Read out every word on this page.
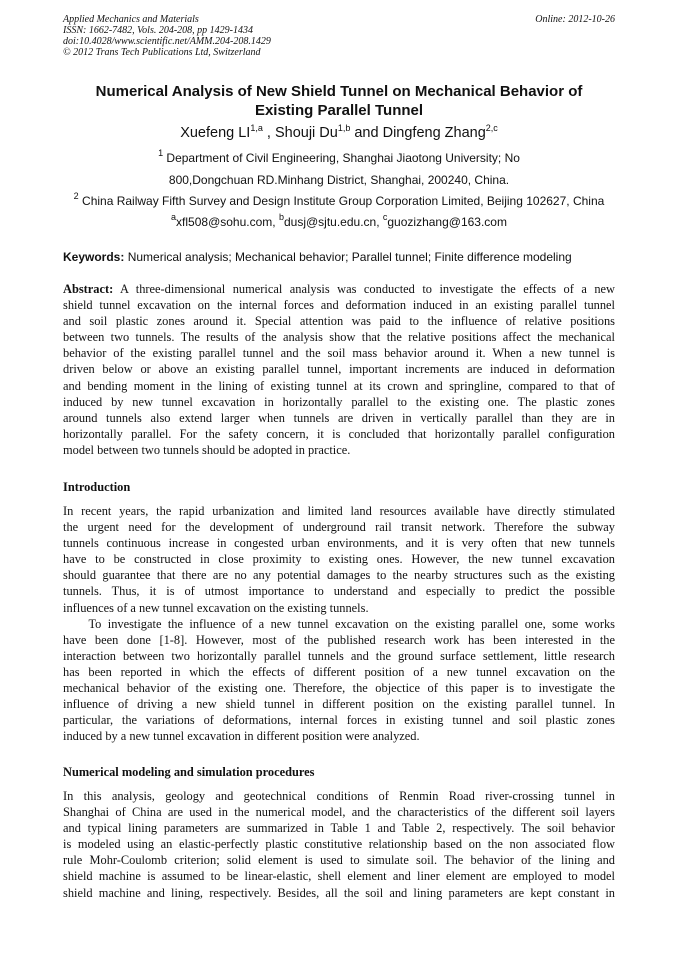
Applied Mechanics and Materials
ISSN: 1662-7482, Vols. 204-208, pp 1429-1434
doi:10.4028/www.scientific.net/AMM.204-208.1429
© 2012 Trans Tech Publications Ltd, Switzerland
Online: 2012-10-26
Numerical Analysis of New Shield Tunnel on Mechanical Behavior of
Existing Parallel Tunnel
Xuefeng LI$^{1,a}$ , Shouji Du$^{1,b}$ and Dingfeng Zhang$^{2,c}$
$^1$ Department of Civil Engineering, Shanghai Jiaotong University; No
800,Dongchuan RD.Minhang District, Shanghai, 200240, China.
$^2$ China Railway Fifth Survey and Design Institute Group Corporation Limited, Beijing 102627, China
$^a$xfl508@sohu.com, $^b$dusj@sjtu.edu.cn, $^c$guozizhang@163.com
Keywords: Numerical analysis; Mechanical behavior; Parallel tunnel; Finite difference modeling
Abstract: A three-dimensional numerical analysis was conducted to investigate the effects of a new
shield tunnel excavation on the internal forces and deformation induced in an existing parallel tunnel
and soil plastic zones around it. Special attention was paid to the influence of relative positions
between two tunnels. The results of the analysis show that the relative positions affect the mechanical
behavior of the existing parallel tunnel and the soil mass behavior around it. When a new tunnel is
driven below or above an existing parallel tunnel, important increments are induced in deformation
and bending moment in the lining of existing tunnel at its crown and springline, compared to that of
induced by new tunnel excavation in horizontally parallel to the existing one. The plastic zones
around tunnels also extend larger when tunnels are driven in vertically parallel than they are in
horizontally parallel. For the safety concern, it is concluded that horizontally parallel configuration
model between two tunnels should be adopted in practice.
Introduction
In recent years, the rapid urbanization and limited land resources available have directly stimulated
the urgent need for the development of underground rail transit network. Therefore the subway
tunnels continuous increase in congested urban environments, and it is very often that new tunnels
have to be constructed in close proximity to existing ones. However, the new tunnel excavation
should guarantee that there are no any potential damages to the nearby structures such as the existing
tunnels. Thus, it is of utmost importance to understand and especially to predict the possible
influences of a new tunnel excavation on the existing tunnels.
To investigate the influence of a new tunnel excavation on the existing parallel one, some works
have been done [1-8]. However, most of the published research work has been interested in the
interaction between two horizontally parallel tunnels and the ground surface settlement, little research
has been reported in which the effects of different position of a new tunnel excavation on the
mechanical behavior of the existing one. Therefore, the objectice of this paper is to investigate the
influence of driving a new shield tunnel in different position on the existing parallel tunnel. In
particular, the variations of deformations, internal forces in existing tunnel and soil plastic zones
induced by a new tunnel excavation in different position were analyzed.
Numerical modeling and simulation procedures
In this analysis, geology and geotechnical conditions of Renmin Road river-crossing tunnel in
Shanghai of China are used in the numerical model, and the characteristics of the different soil layers
and typical lining parameters are summarized in Table 1 and Table 2, respectively. The soil behavior
is modeled using an elastic-perfectly plastic constitutive relationship based on the non associated flow
rule Mohr-Coulomb criterion; solid element is used to simulate soil. The behavior of the lining and
shield machine is assumed to be linear-elastic, shell element and liner element are employed to model
shield machine and lining, respectively. Besides, all the soil and lining parameters are kept constant in
